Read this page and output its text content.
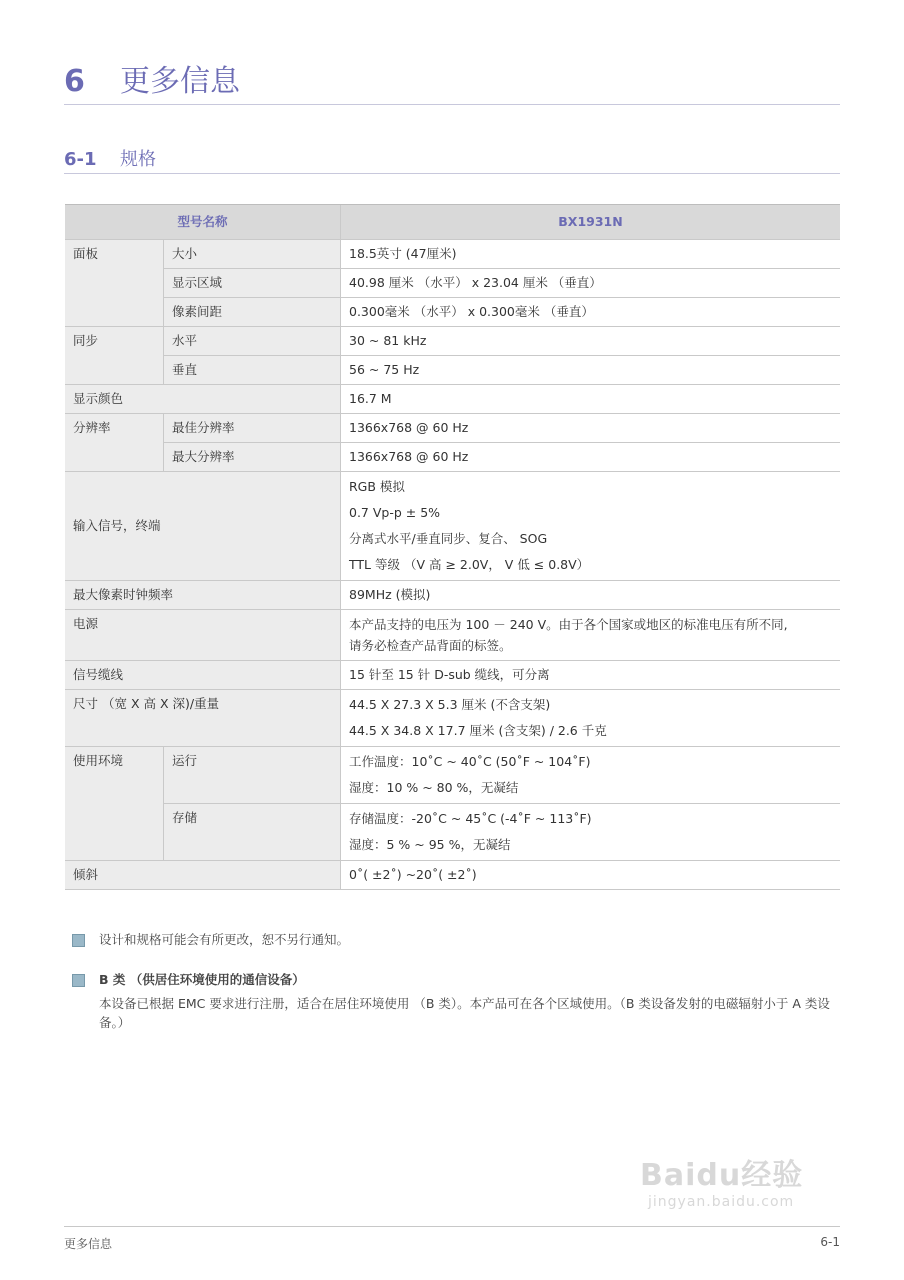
6 更多信息
6-1 规格
型号名称		BX1931N
面板	大小	18.5英寸 (47厘米)
	显示区域	40.98 厘米 （水平） x 23.04 厘米 （垂直）
	像素间距	0.300毫米 （水平） x 0.300毫米 （垂直）
同步	水平	30 ~ 81 kHz
	垂直	56 ~ 75 Hz
显示颜色		16.7 M
分辨率	最佳分辨率	1366x768 @ 60 Hz
	最大分辨率	1366x768 @ 60 Hz
输入信号，终端		RGB 模拟
0.7 Vp-p ± 5%
分离式水平/垂直同步、复合、 SOG
TTL 等级 （V 高 ≥ 2.0V， V 低 ≤ 0.8V）

最大像素时钟频率		89MHz (模拟)
电源		本产品支持的电压为 100 － 240 V。由于各个国家或地区的标准电压有所不同,
请务必检查产品背面的标签。

信号缆线		15 针至 15 针 D-sub 缆线，可分离
尺寸 （宽 X 高 X 深)/重量		44.5 X 27.3 X 5.3 厘米 (不含支架)
44.5 X 34.8 X 17.7 厘米 (含支架) / 2.6 千克

使用环境	运行	工作温度：10˚C ~ 40˚C (50˚F ~ 104˚F)
湿度：10 % ~ 80 %，无凝结

	存储	存储温度：-20˚C ~ 45˚C (-4˚F ~ 113˚F)
湿度：5 % ~ 95 %，无凝结

倾斜		0˚( ±2˚) ~20˚( ±2˚)
设计和规格可能会有所更改，恕不另行通知。
B 类 （供居住环境使用的通信设备）
本设备已根据 EMC 要求进行注册，适合在居住环境使用 （B 类）。本产品可在各个区域使用。（B 类设备发射的电磁辐射小于 A 类设备。）
Baidu经验
jingyan.baidu.com
更多信息	6-1
